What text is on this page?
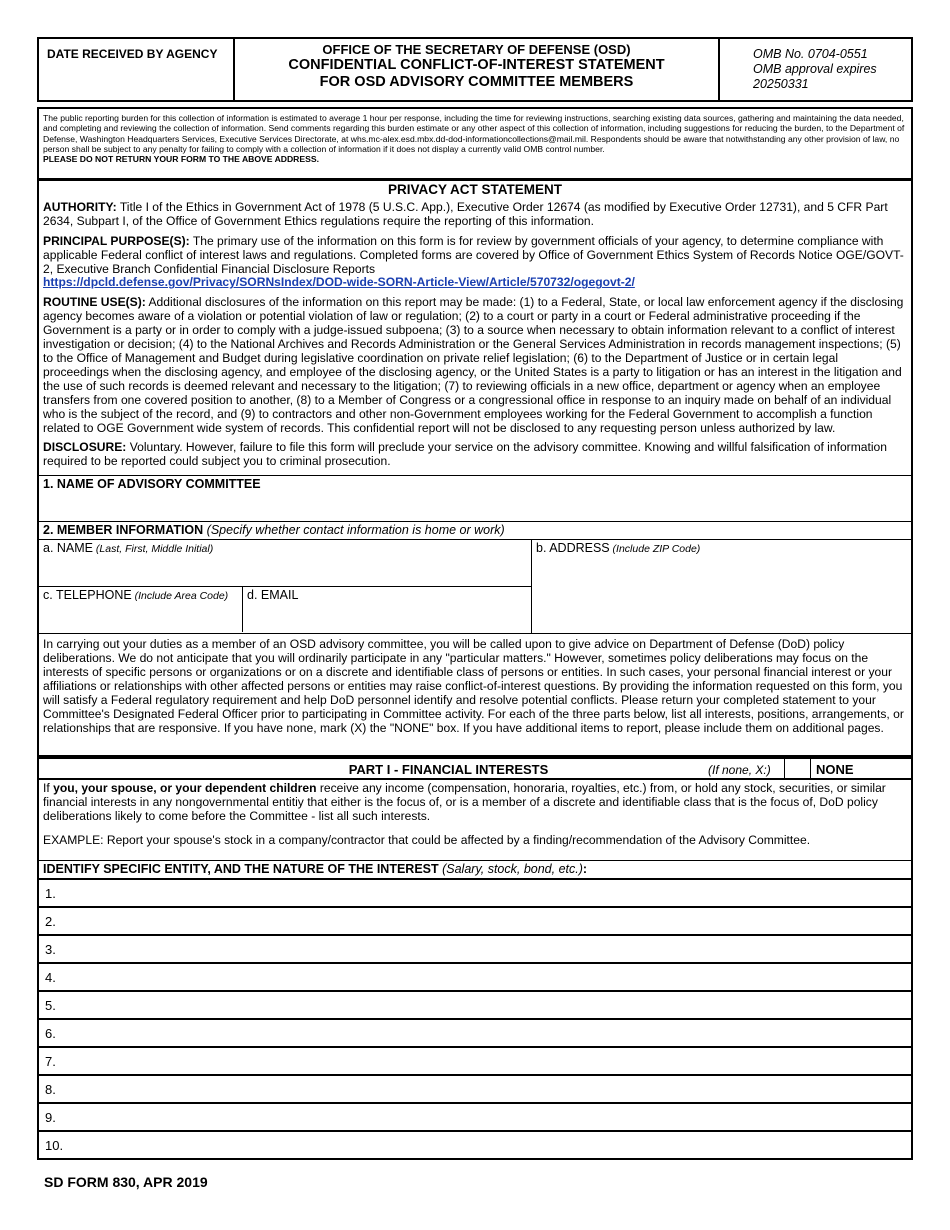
DATE RECEIVED BY AGENCY	OFFICE OF THE SECRETARY OF DEFENSE (OSD)
CONFIDENTIAL CONFLICT-OF-INTEREST STATEMENT
FOR OSD ADVISORY COMMITTEE MEMBERS
OMB No. 0704-0551
OMB approval expires
20250331
The public reporting burden for this collection of information is estimated to average 1 hour per response, including the time for reviewing instructions, searching existing data sources, gathering and maintaining the data needed, and completing and reviewing the collection of information. Send comments regarding this burden estimate or any other aspect of this collection of information, including suggestions for reducing the burden, to the Department of Defense, Washington Headquarters Services, Executive Services Directorate, at whs.mc-alex.esd.mbx.dd-dod-informationcollections@mail.mil. Respondents should be aware that notwithstanding any other provision of law, no person shall be subject to any penalty for failing to comply with a collection of information if it does not display a currently valid OMB control number.
PLEASE DO NOT RETURN YOUR FORM TO THE ABOVE ADDRESS.
PRIVACY ACT STATEMENT

AUTHORITY: Title I of the Ethics in Government Act of 1978 (5 U.S.C. App.), Executive Order 12674 (as modified by Executive Order 12731), and 5 CFR Part 2634, Subpart I, of the Office of Government Ethics regulations require the reporting of this information.

PRINCIPAL PURPOSE(S): The primary use of the information on this form is for review by government officials of your agency, to determine compliance with applicable Federal conflict of interest laws and regulations. Completed forms are covered by Office of Government Ethics System of Records Notice OGE/GOVT-2, Executive Branch Confidential Financial Disclosure Reports
https://dpcld.defense.gov/Privacy/SORNsIndex/DOD-wide-SORN-Article-View/Article/570732/ogegovt-2/

ROUTINE USE(S): Additional disclosures of the information on this report may be made: (1) to a Federal, State, or local law enforcement agency if the disclosing agency becomes aware of a violation or potential violation of law or regulation; (2) to a court or party in a court or Federal administrative proceeding if the Government is a party or in order to comply with a judge-issued subpoena; (3) to a source when necessary to obtain information relevant to a conflict of interest investigation or decision; (4) to the National Archives and Records Administration or the General Services Administration in records management inspections; (5) to the Office of Management and Budget during legislative coordination on private relief legislation; (6) to the Department of Justice or in certain legal proceedings when the disclosing agency, and employee of the disclosing agency, or the United States is a party to litigation or has an interest in the litigation and the use of such records is deemed relevant and necessary to the litigation; (7) to reviewing officials in a new office, department or agency when an employee transfers from one covered position to another, (8) to a Member of Congress or a congressional office in response to an inquiry made on behalf of an individual who is the subject of the record, and (9) to contractors and other non-Government employees working for the Federal Government to accomplish a function related to OGE Government wide system of records. This confidential report will not be disclosed to any requesting person unless authorized by law.

DISCLOSURE: Voluntary. However, failure to file this form will preclude your service on the advisory committee. Knowing and willful falsification of information required to be reported could subject you to criminal prosecution.

1. NAME OF ADVISORY COMMITTEE
2. MEMBER INFORMATION (Specify whether contact information is home or work)
a. NAME (Last, First, Middle Initial)
c. TELEPHONE (Include Area Code)	d. EMAIL
b. ADDRESS (Include ZIP Code)
In carrying out your duties as a member of an OSD advisory committee, you will be called upon to give advice on Department of Defense (DoD) policy deliberations. We do not anticipate that you will ordinarily participate in any "particular matters." However, sometimes policy deliberations may focus on the interests of specific persons or organizations or on a discrete and identifiable class of persons or entities. In such cases, your personal financial interest or your affiliations or relationships with other affected persons or entities may raise conflict-of-interest questions. By providing the information requested on this form, you will satisfy a Federal regulatory requirement and help DoD personnel identify and resolve potential conflicts. Please return your completed statement to your Committee's Designated Federal Officer prior to participating in Committee activity. For each of the three parts below, list all interests, positions, arrangements, or relationships that are responsive. If you have none, mark (X) the "NONE" box. If you have additional items to report, please include them on additional pages.
PART I - FINANCIAL INTERESTS	(If none, X:)	NONE

If you, your spouse, or your dependent children receive any income (compensation, honoraria, royalties, etc.) from, or hold any stock, securities, or similar financial interests in any nongovernmental entitiy that either is the focus of, or is a member of a discrete and identifiable class that is the focus of, DoD policy deliberations likely to come before the Committee - list all such interests.

EXAMPLE: Report your spouse's stock in a company/contractor that could be affected by a finding/recommendation of the Advisory Committee.

IDENTIFY SPECIFIC ENTITY, AND THE NATURE OF THE INTEREST (Salary, stock, bond, etc.):
1.
2.
3.
4.
5.
6.
7.
8.
9.
10.
SD FORM 830, APR 2019
